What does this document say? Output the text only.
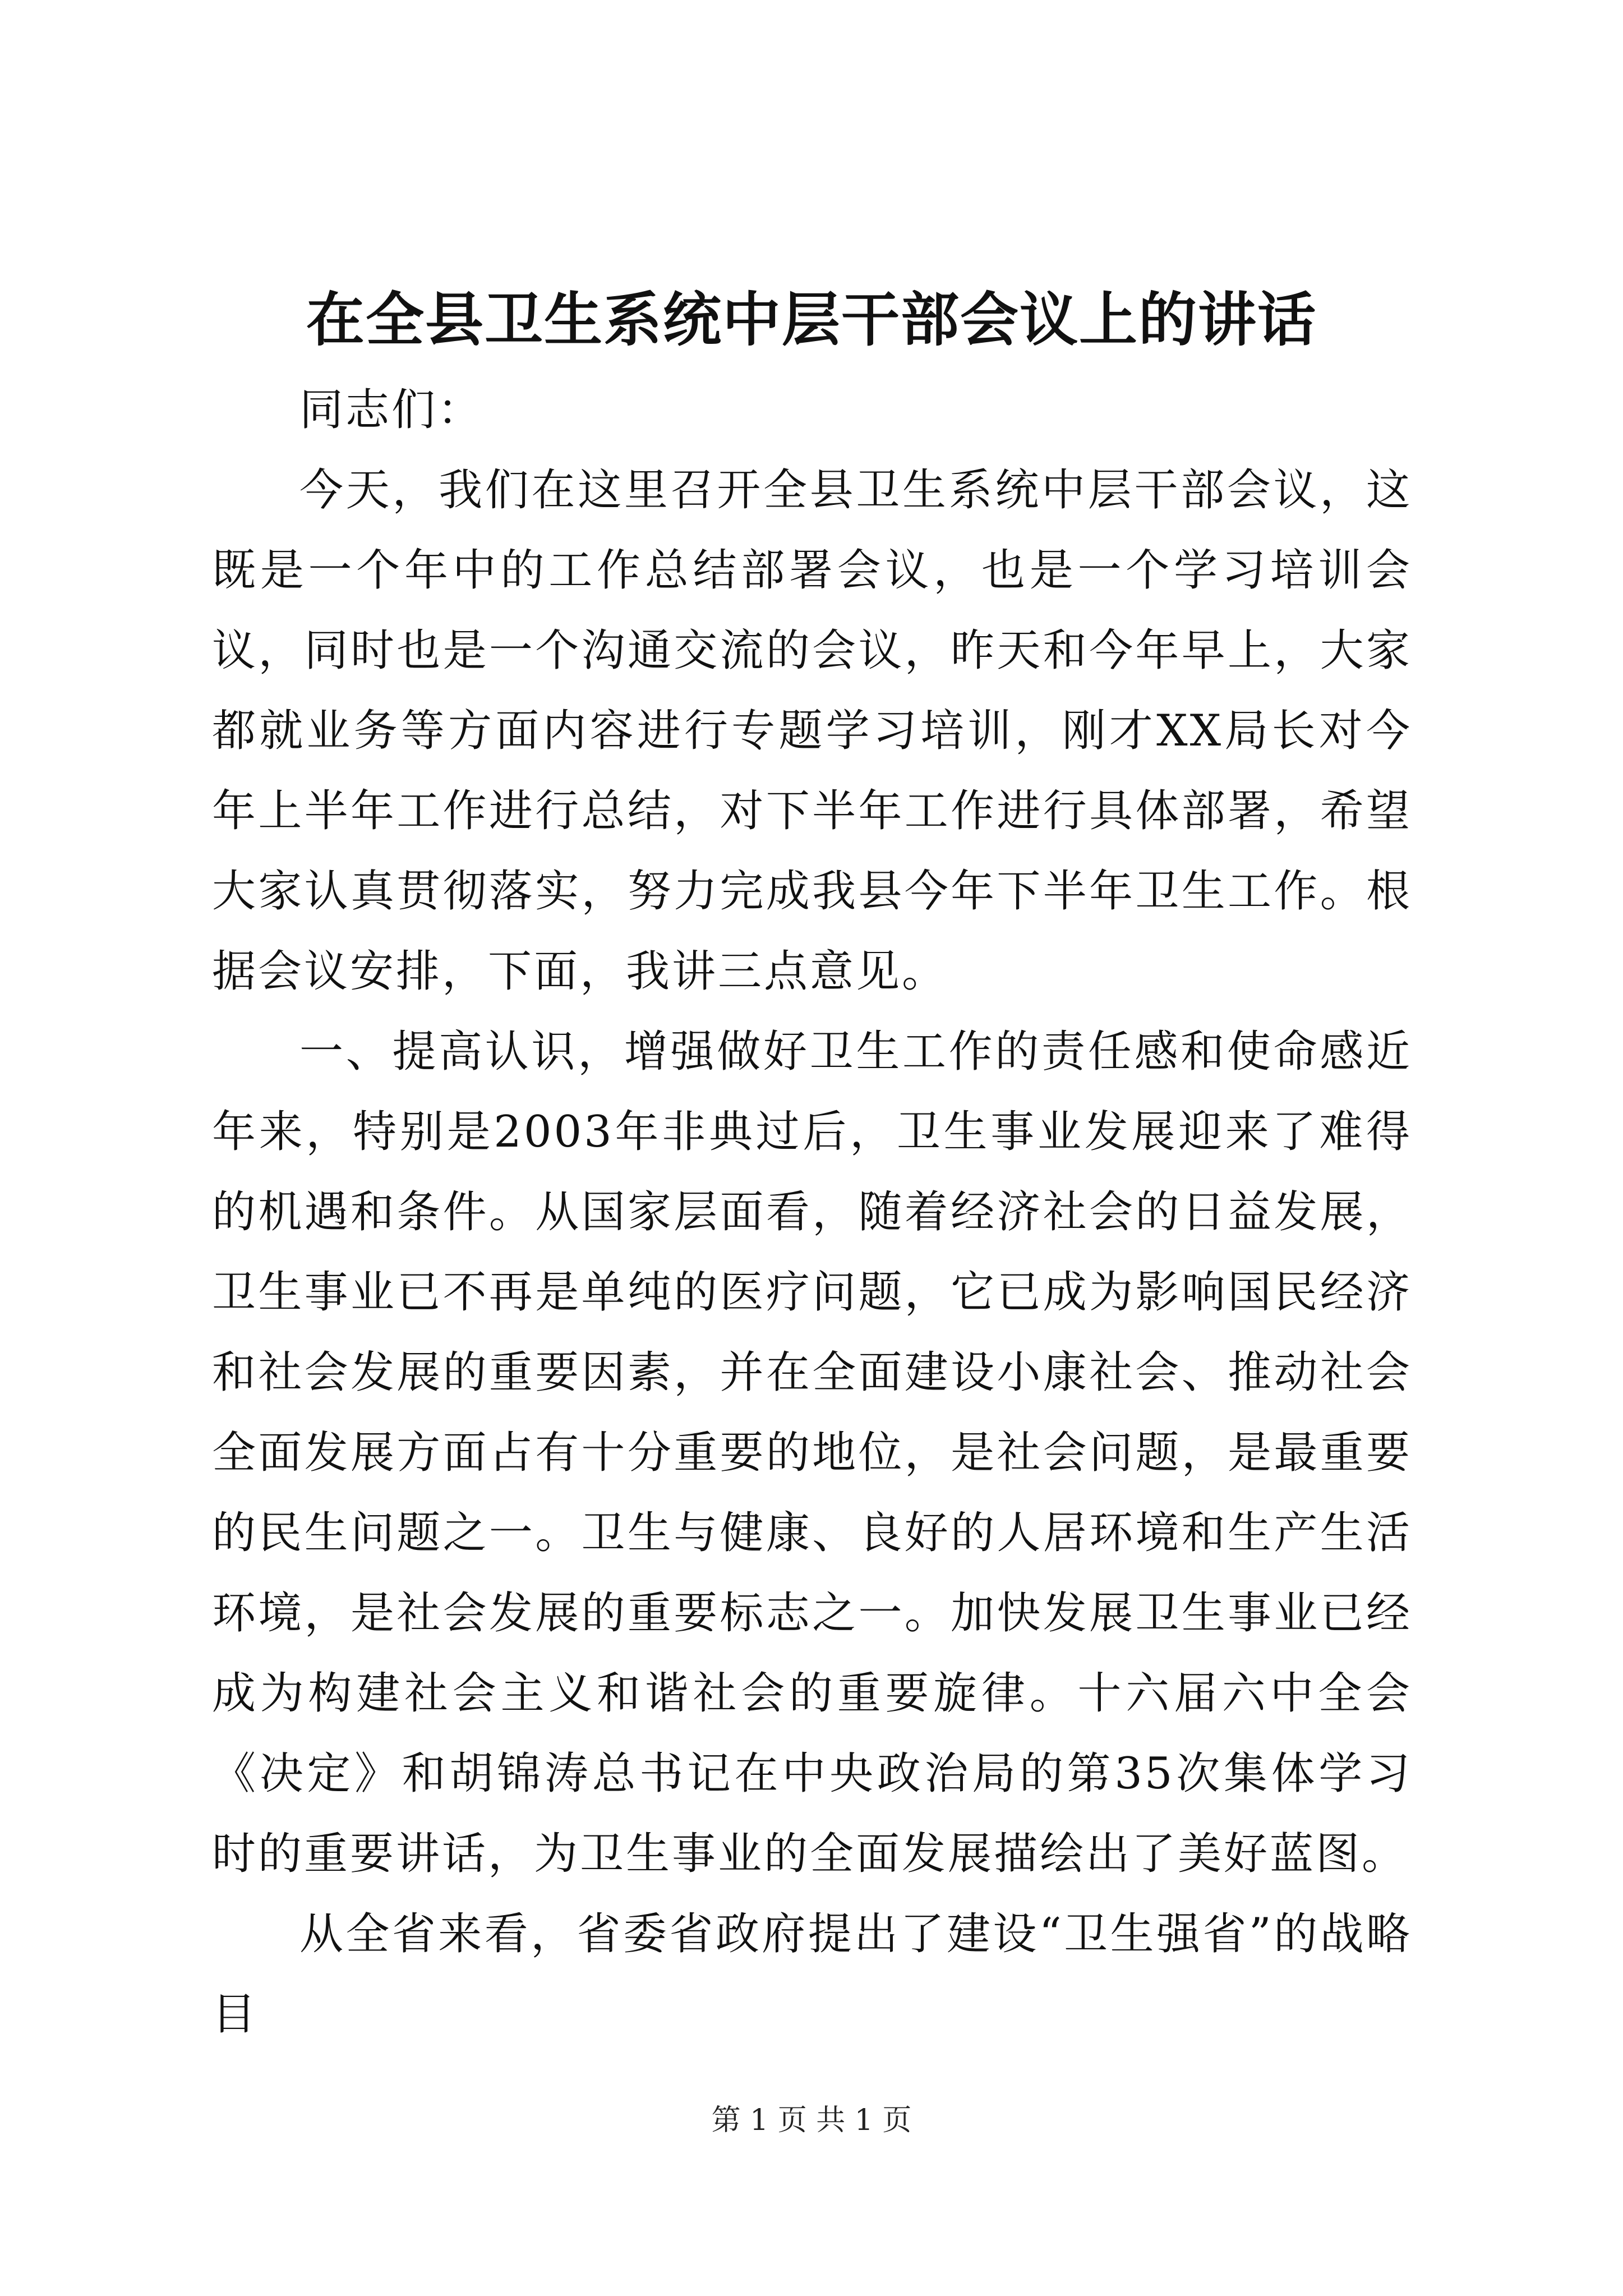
在全县卫生系统中层干部会议上的讲话

同志们：

今天，我们在这里召开全县卫生系统中层干部会议，这既是一个年中的工作总结部署会议，也是一个学习培训会议，同时也是一个沟通交流的会议，昨天和今年早上，大家都就业务等方面内容进行专题学习培训，刚才XX局长对今年上半年工作进行总结，对下半年工作进行具体部署，希望大家认真贯彻落实，努力完成我县今年下半年卫生工作。根据会议安排，下面，我讲三点意见。

一、提高认识，增强做好卫生工作的责任感和使命感近年来，特别是2003年非典过后，卫生事业发展迎来了难得的机遇和条件。从国家层面看，随着经济社会的日益发展，卫生事业已不再是单纯的医疗问题，它已成为影响国民经济和社会发展的重要因素，并在全面建设小康社会、推动社会全面发展方面占有十分重要的地位，是社会问题，是最重要的民生问题之一。卫生与健康、良好的人居环境和生产生活环境，是社会发展的重要标志之一。加快发展卫生事业已经成为构建社会主义和谐社会的重要旋律。十六届六中全会《决定》和胡锦涛总书记在中央政治局的第35次集体学习时的重要讲话，为卫生事业的全面发展描绘出了美好蓝图。

从全省来看，省委省政府提出了建设“卫生强省”的战略目

第 1 页 共 1 页
